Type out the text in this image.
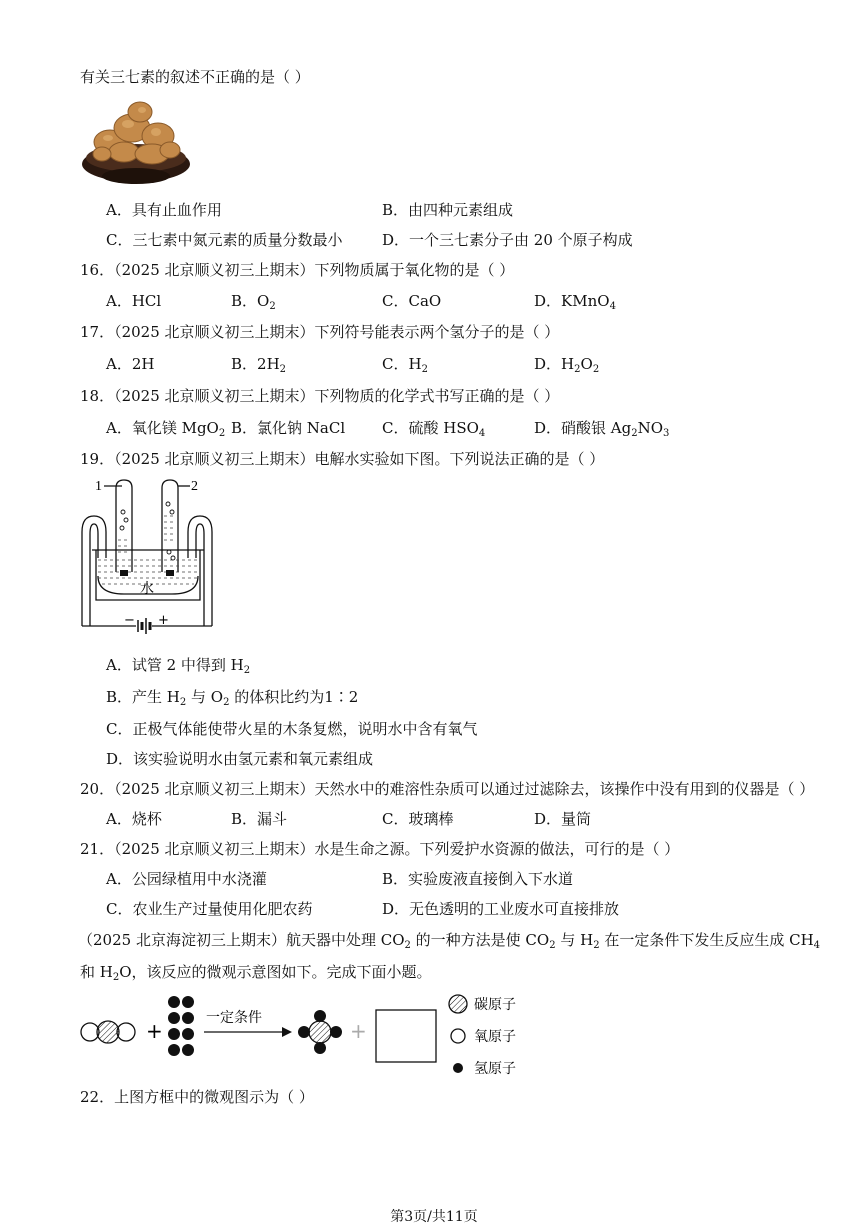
有关三七素的叙述不正确的是（ ）
A．具有止血作用	B．由四种元素组成
C．三七素中氮元素的质量分数最小	D．一个三七素分子由 20 个原子构成
16．（2025 北京顺义初三上期末）下列物质属于氧化物的是（ ）
A．HCl	B．$O_2$	C．CaO	D．KMnO$_4$
17．（2025 北京顺义初三上期末）下列符号能表示两个氢分子的是（ ）
A．2H	B．$2H_2$	C．$H_2$	D．$H_2O_2$
18．（2025 北京顺义初三上期末）下列物质的化学式书写正确的是（ ）
A．氧化镁 MgO$_2$ B．氯化钠 NaCl C．硫酸 $HSO_4$	D．硝酸银 $Ag_2NO_3$
19．（2025 北京顺义初三上期末）电解水实验如下图。下列说法正确的是（ ）
1	2
水
− +
A．试管 2 中得到 $H_2$
B．产生 $H_2$ 与 $O_2$ 的体积比约为1∶2
C．正极气体能使带火星的木条复燃，说明水中含有氧气
D．该实验说明水由氢元素和氧元素组成
20．（2025 北京顺义初三上期末）天然水中的难溶性杂质可以通过过滤除去，该操作中没有用到的仪器是（ ）
A．烧杯	B．漏斗	C．玻璃棒	D．量筒
21．（2025 北京顺义初三上期末）水是生命之源。下列爱护水资源的做法，可行的是（ ）
A．公园绿植用中水浇灌	B．实验废液直接倒入下水道
C．农业生产过量使用化肥农药	D．无色透明的工业废水可直接排放
（2025 北京海淀初三上期末）航天器中处理 $CO_2$ 的一种方法是使 $CO_2$ 与 $H_2$ 在一定条件下发生反应生成 $CH_4$
和 $H_2O$，该反应的微观示意图如下。完成下面小题。
+
一定条件
+
碳原子
氧原子
氢原子
22．上图方框中的微观图示为（ ）
第3页/共11页
